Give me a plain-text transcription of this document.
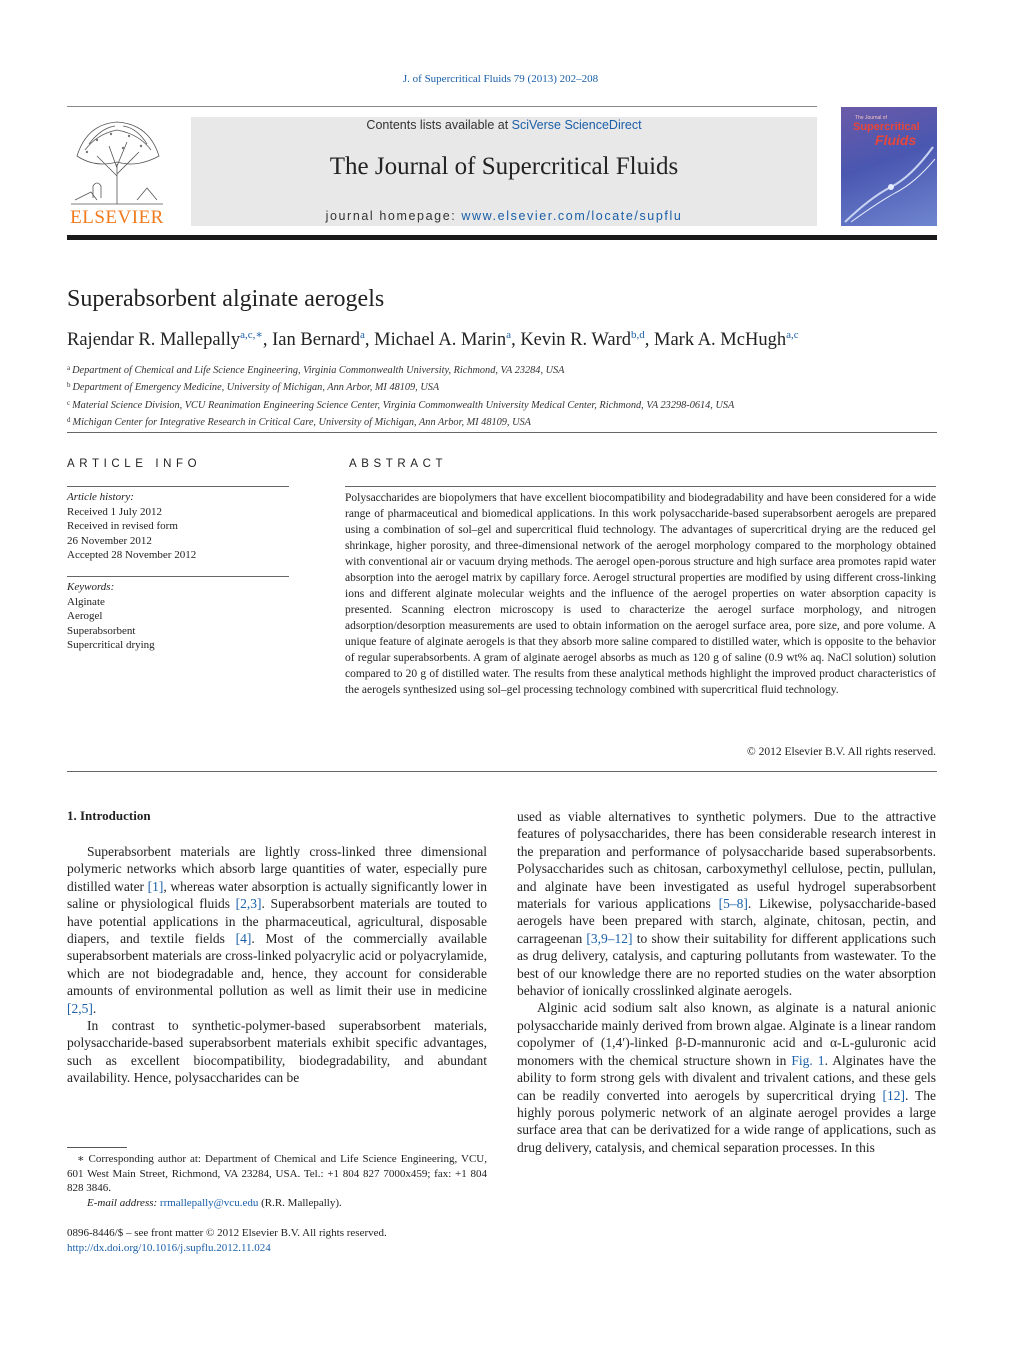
J. of Supercritical Fluids 79 (2013) 202–208
ELSEVIER
Contents lists available at SciVerse ScienceDirect
The Journal of Supercritical Fluids
journal homepage: www.elsevier.com/locate/supflu
The Journal of
Supercritical
Fluids
Superabsorbent alginate aerogels
Rajendar R. Mallepally$^{a,c,∗}$, Ian Bernard$^a$, Michael A. Marin$^a$, Kevin R. Ward$^{b,d}$, Mark A. McHugh$^{a,c}$
$^a$ Department of Chemical and Life Science Engineering, Virginia Commonwealth University, Richmond, VA 23284, USA
$^b$ Department of Emergency Medicine, University of Michigan, Ann Arbor, MI 48109, USA
$^c$ Material Science Division, VCU Reanimation Engineering Science Center, Virginia Commonwealth University Medical Center, Richmond, VA 23298-0614, USA
$^d$ Michigan Center for Integrative Research in Critical Care, University of Michigan, Ann Arbor, MI 48109, USA
ARTICLE INFO
Article history:
Received 1 July 2012
Received in revised form
26 November 2012
Accepted 28 November 2012
Keywords:
Alginate
Aerogel
Superabsorbent
Supercritical drying
ABSTRACT
Polysaccharides are biopolymers that have excellent biocompatibility and biodegradability and have been considered for a wide range of pharmaceutical and biomedical applications. In this work polysaccharide-based superabsorbent aerogels are prepared using a combination of sol–gel and supercritical fluid technology. The advantages of supercritical drying are the reduced gel shrinkage, higher porosity, and three-dimensional network of the aerogel morphology compared to the morphology obtained with conventional air or vacuum drying methods. The aerogel open-porous structure and high surface area promotes rapid water absorption into the aerogel matrix by capillary force. Aerogel structural properties are modified by using different cross-linking ions and different alginate molecular weights and the influence of the aerogel properties on water absorption capacity is presented. Scanning electron microscopy is used to characterize the aerogel surface morphology, and nitrogen adsorption/desorption measurements are used to obtain information on the aerogel surface area, pore size, and pore volume. A unique feature of alginate aerogels is that they absorb more saline compared to distilled water, which is opposite to the behavior of regular superabsorbents. A gram of alginate aerogel absorbs as much as 120 g of saline (0.9 wt% aq. NaCl solution) solution compared to 20 g of distilled water. The results from these analytical methods highlight the improved product characteristics of the aerogels synthesized using sol–gel processing technology combined with supercritical fluid technology.
© 2012 Elsevier B.V. All rights reserved.
1. Introduction

Superabsorbent materials are lightly cross-linked three dimensional polymeric networks which absorb large quantities of water, especially pure distilled water [1], whereas water absorption is actually significantly lower in saline or physiological fluids [2,3]. Superabsorbent materials are touted to have potential applications in the pharmaceutical, agricultural, disposable diapers, and textile fields [4]. Most of the commercially available superabsorbent materials are cross-linked polyacrylic acid or polyacrylamide, which are not biodegradable and, hence, they account for considerable amounts of environmental pollution as well as limit their use in medicine [2,5].

In contrast to synthetic-polymer-based superabsorbent materials, polysaccharide-based superabsorbent materials exhibit specific advantages, such as excellent biocompatibility, biodegradability, and abundant availability. Hence, polysaccharides can be

used as viable alternatives to synthetic polymers. Due to the attractive features of polysaccharides, there has been considerable research interest in the preparation and performance of polysaccharide based superabsorbents. Polysaccharides such as chitosan, carboxymethyl cellulose, pectin, pullulan, and alginate have been investigated as useful hydrogel superabsorbent materials for various applications [5–8]. Likewise, polysaccharide-based aerogels have been prepared with starch, alginate, chitosan, pectin, and carrageenan [3,9–12] to show their suitability for different applications such as drug delivery, catalysis, and capturing pollutants from wastewater. To the best of our knowledge there are no reported studies on the water absorption behavior of ionically crosslinked alginate aerogels.

Alginic acid sodium salt also known, as alginate is a natural anionic polysaccharide mainly derived from brown algae. Alginate is a linear random copolymer of (1,4′)-linked β-D-mannuronic acid and α-L-guluronic acid monomers with the chemical structure shown in Fig. 1. Alginates have the ability to form strong gels with divalent and trivalent cations, and these gels can be readily converted into aerogels by supercritical drying [12]. The highly porous polymeric network of an alginate aerogel provides a large surface area that can be derivatized for a wide range of applications, such as drug delivery, catalysis, and chemical separation processes. In this

∗ Corresponding author at: Department of Chemical and Life Science Engineering, VCU, 601 West Main Street, Richmond, VA 23284, USA. Tel.: +1 804 827 7000x459; fax: +1 804 828 3846.
E-mail address: rrmallepally@vcu.edu (R.R. Mallepally).
0896-8446/$ – see front matter © 2012 Elsevier B.V. All rights reserved.
http://dx.doi.org/10.1016/j.supflu.2012.11.024
